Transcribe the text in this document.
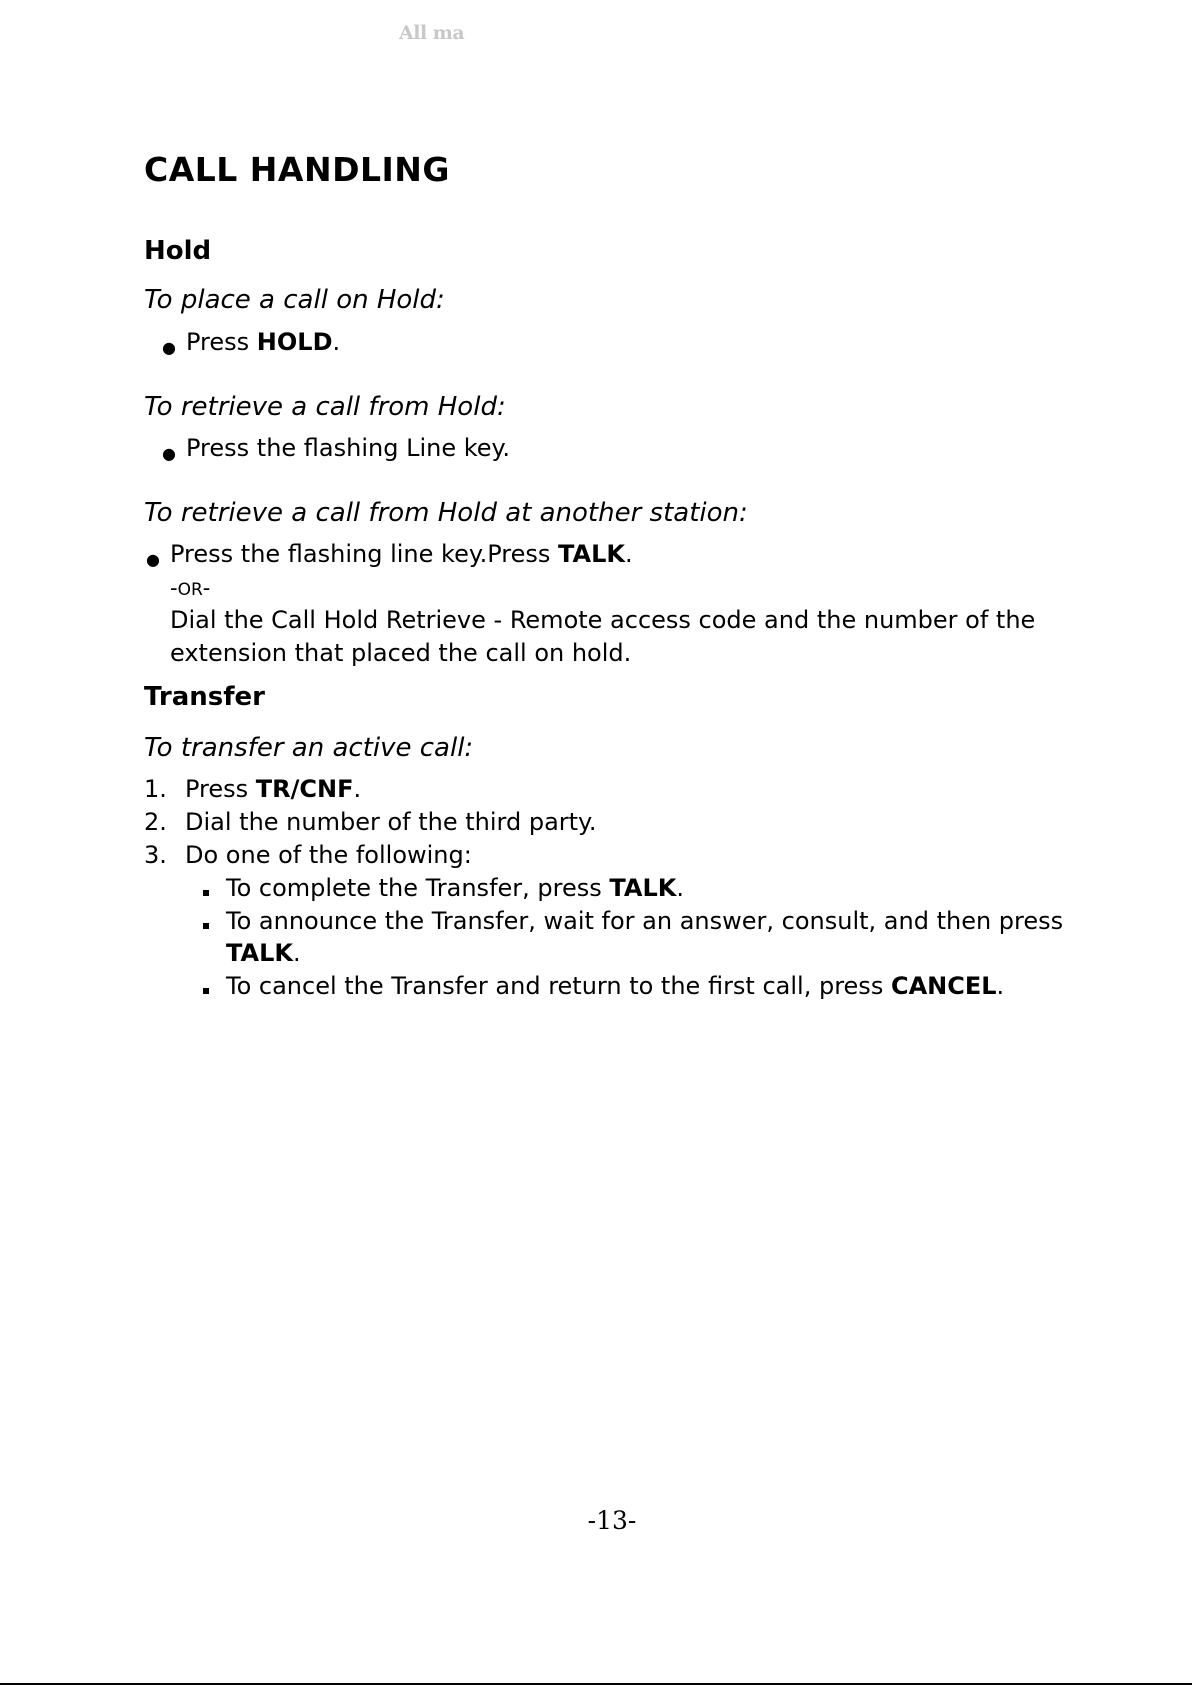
All ma
CALL HANDLING
Hold
To place a call on Hold:
● Press HOLD.
To retrieve a call from Hold:
● Press the flashing Line key.
To retrieve a call from Hold at another station:
● Press the flashing line key.Press TALK.
-OR-
Dial the Call Hold Retrieve - Remote access code and the number of the
extension that placed the call on hold.
Transfer
To transfer an active call:
1. Press TR/CNF.
2. Dial the number of the third party.
3. Do one of the following:
To complete the Transfer, press TALK.
To announce the Transfer, wait for an answer, consult, and then press
TALK.
To cancel the Transfer and return to the first call, press CANCEL.
-13-
